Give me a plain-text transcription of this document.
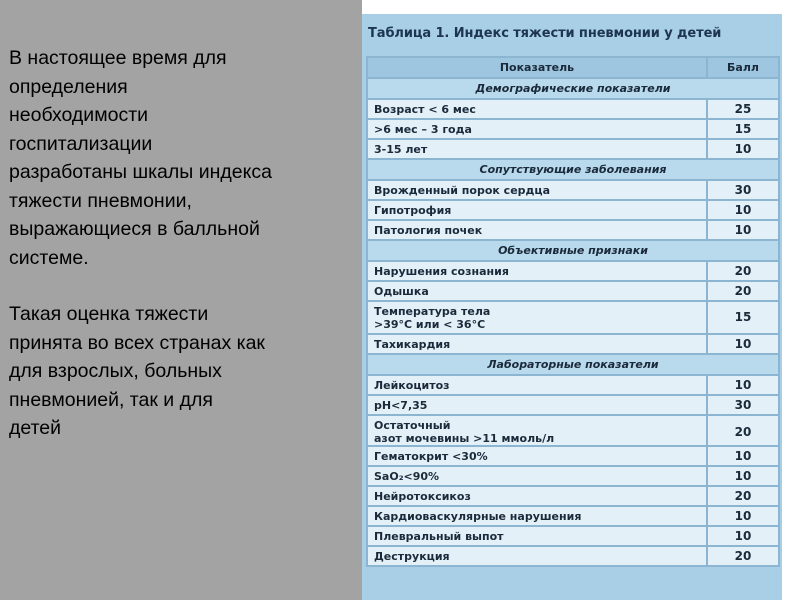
В настоящее время для
определения
необходимости
госпитализации
разработаны шкалы индекса
тяжести пневмонии,
выражающиеся в балльной
системе.

Такая оценка тяжести
принята во всех странах как
для взрослых, больных
пневмонией, так и для
детей

Таблица 1. Индекс тяжести пневмонии у детей
Показатель	Балл
Демографические показатели	
Возраст < 6 мес	25
>6 мес – 3 года	15
3-15 лет	10
Сопутствующие заболевания	
Врожденный порок сердца	30
Гипотрофия	10
Патология почек	10
Объективные признаки	
Нарушения сознания	20
Одышка	20
Температура тела
>39°C или < 36°C	15
Тахикардия	10
Лабораторные показатели	
Лейкоцитоз	10
pH<7,35	30
Остаточный
азот мочевины >11 ммоль/л	20
Гематокрит <30%	10
SaO₂<90%	10
Нейротоксикоз	20
Кардиоваскулярные нарушения	10
Плевральный выпот	10
Деструкция	20
